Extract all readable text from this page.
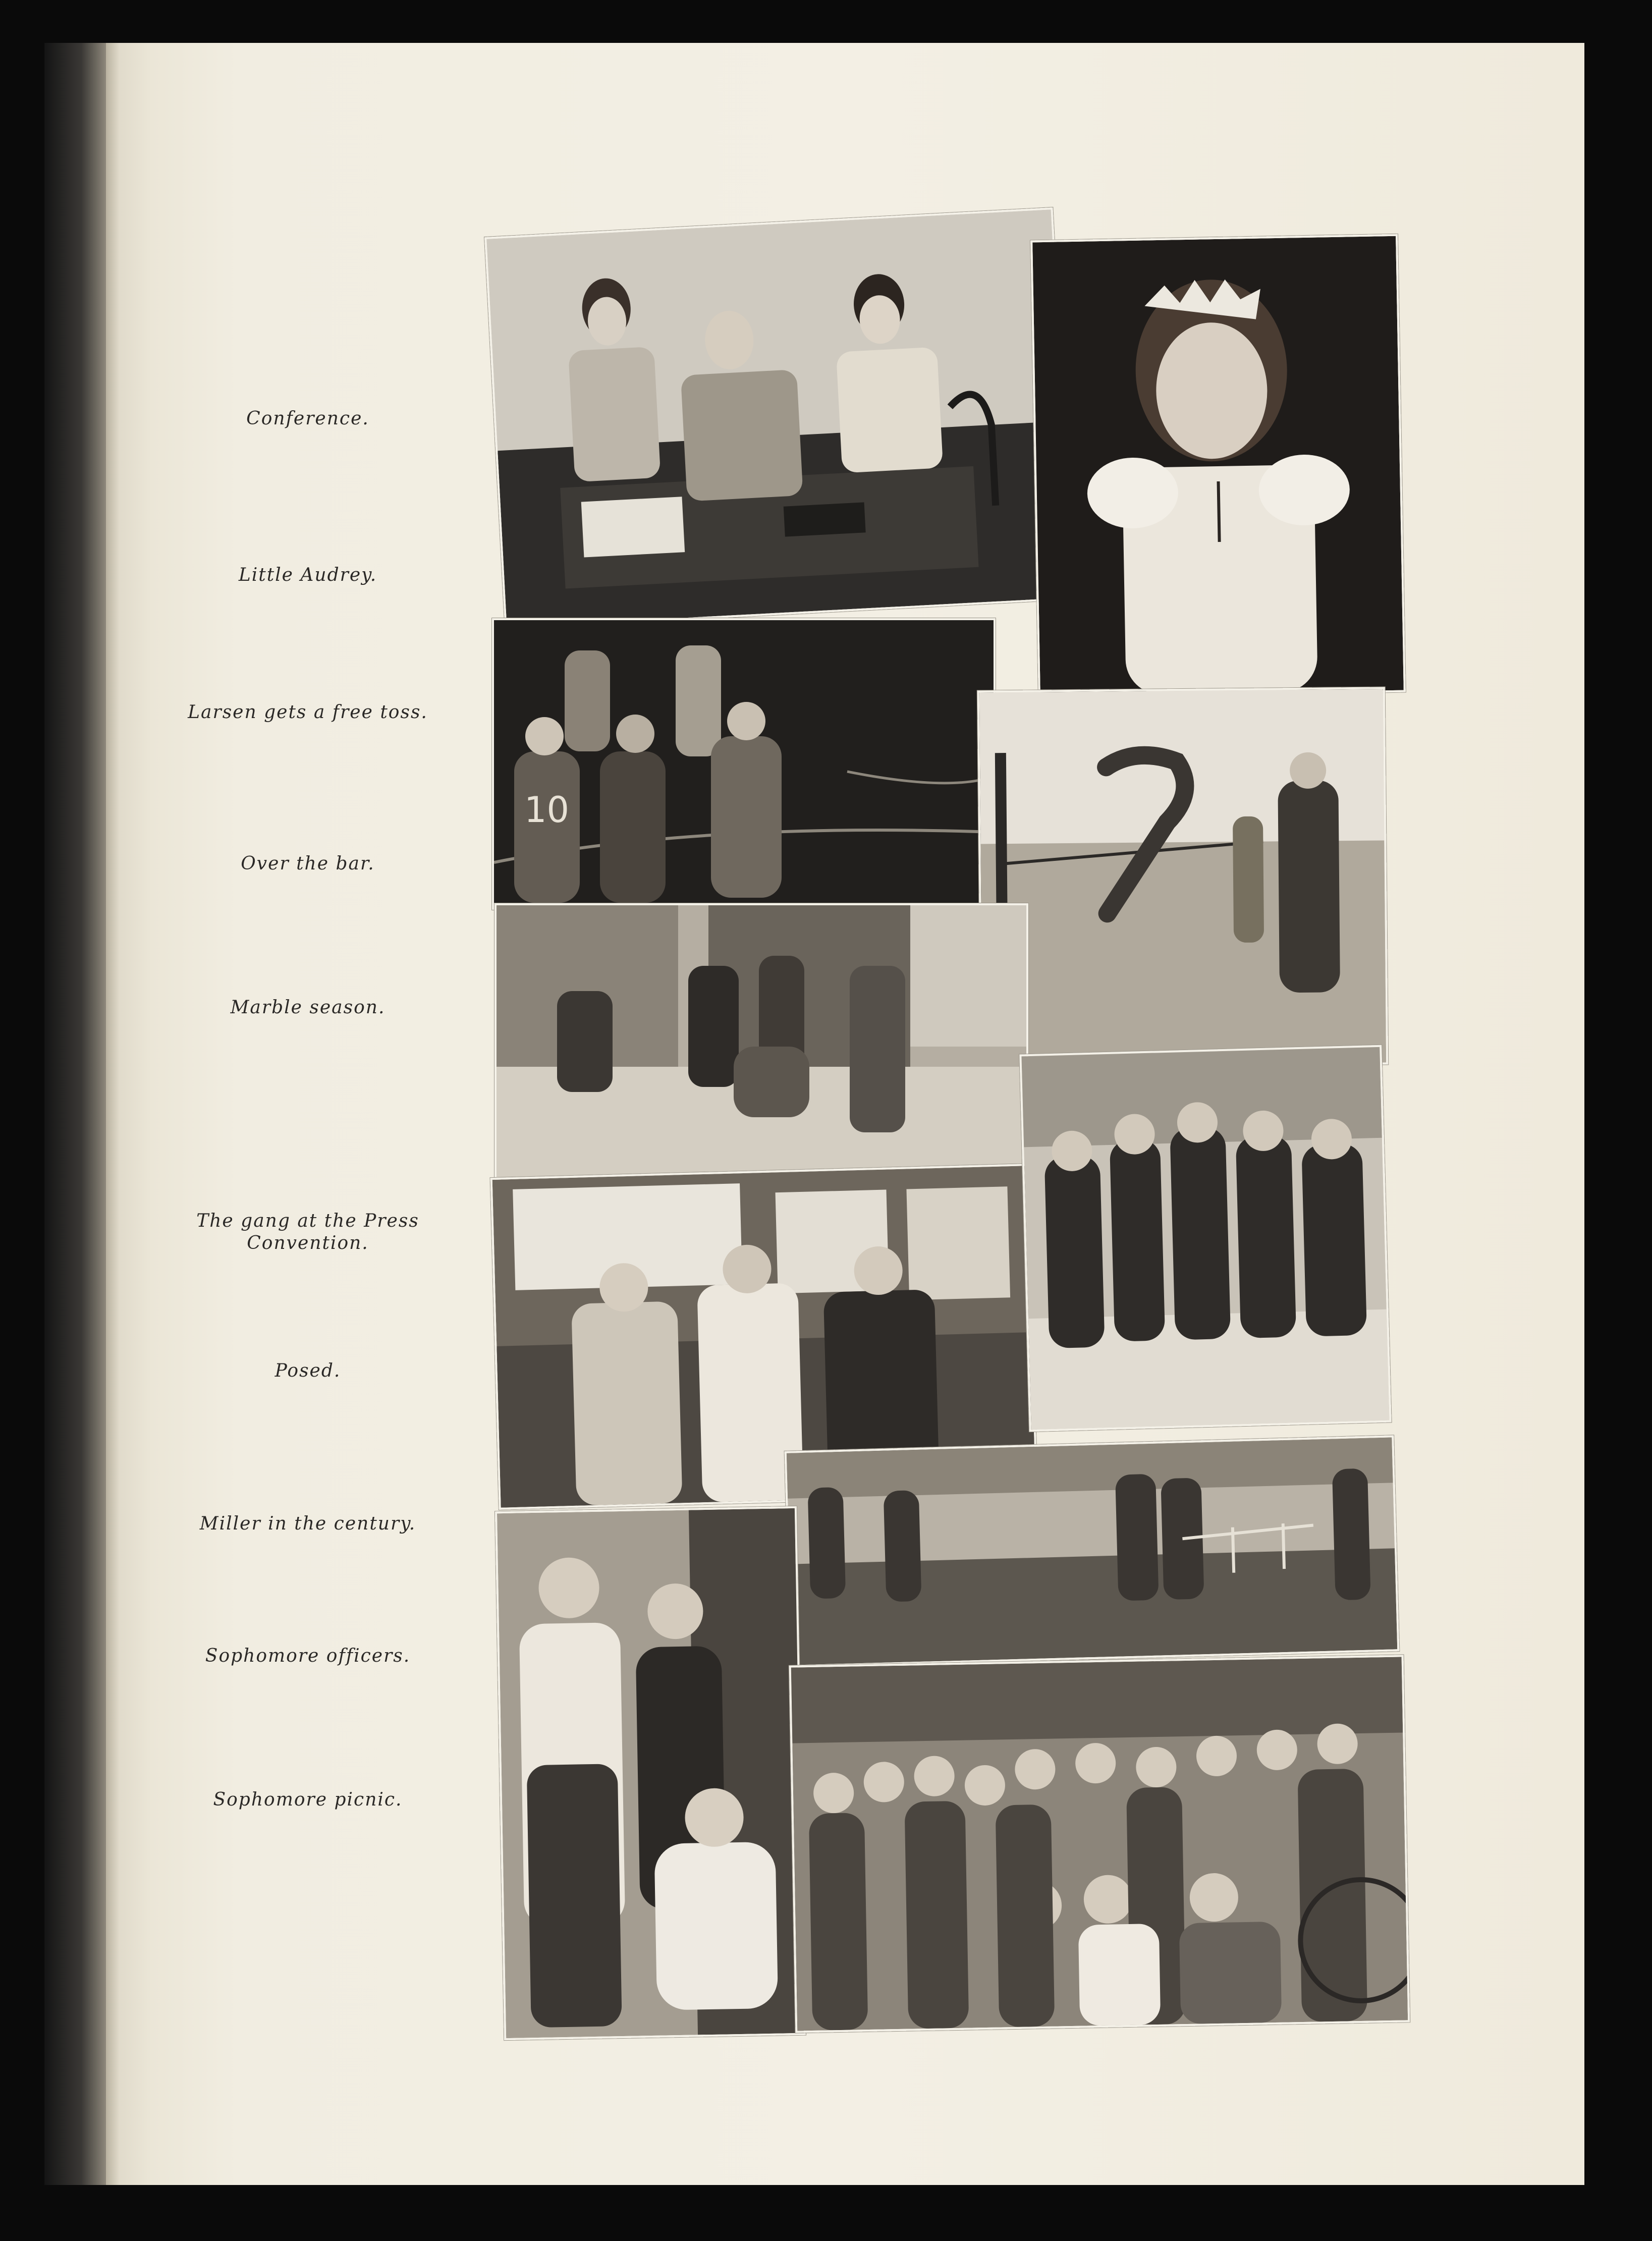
Conference.
Little Audrey.
Larsen gets a free toss.
Over the bar.
Marble season.
The gang at the Press
Convention.
Posed.
Miller in the century.
Sophomore officers.
Sophomore picnic.
10
